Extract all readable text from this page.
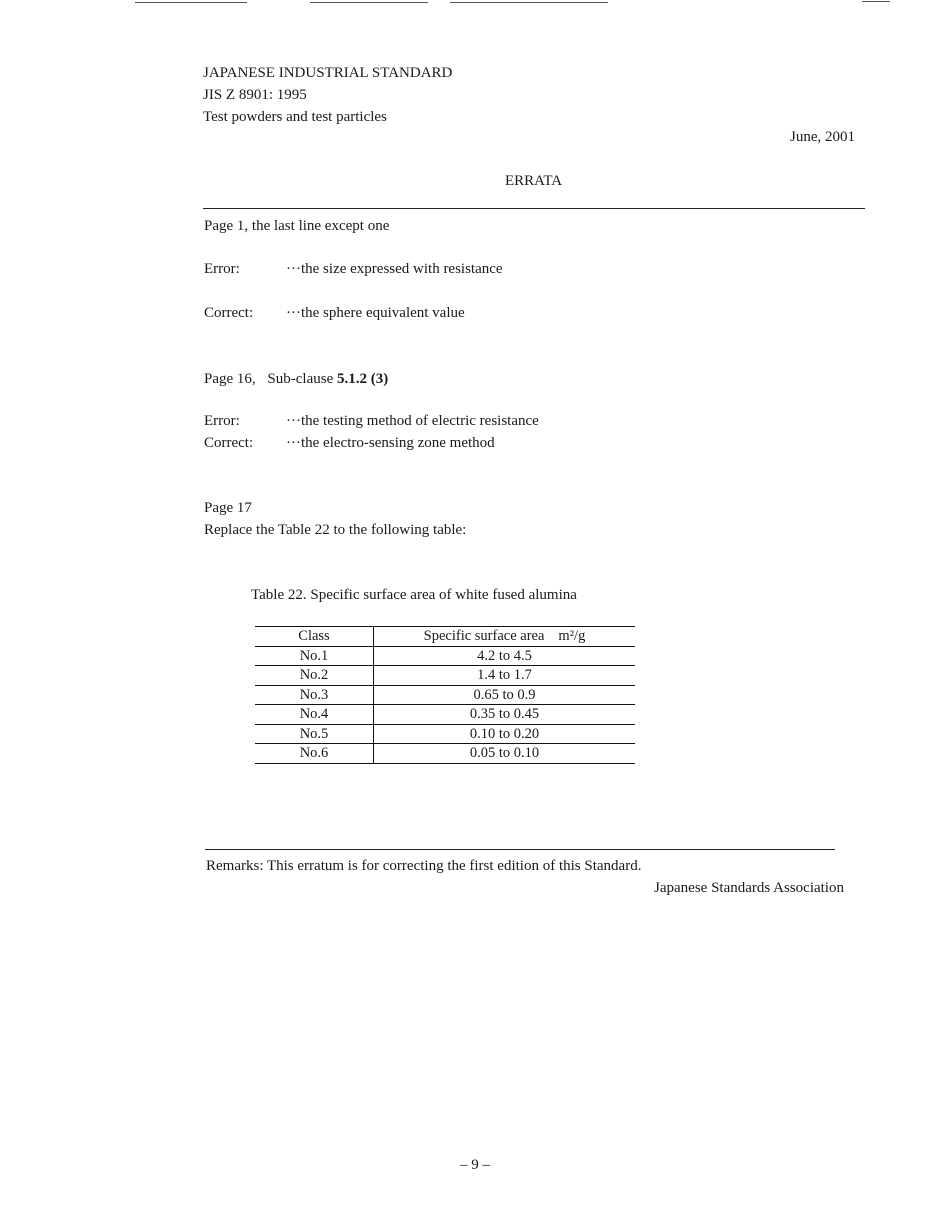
JAPANESE INDUSTRIAL STANDARD
JIS Z 8901: 1995
Test powders and test particles
June, 2001
ERRATA
Page 1, the last line except one
Error:	···the size expressed with resistance
Correct: ···the sphere equivalent value
Page 16, Sub-clause 5.1.2 (3)
Error:	···the testing method of electric resistance
Correct: ···the electro-sensing zone method
Page 17
Replace the Table 22 to the following table:
Table 22. Specific surface area of white fused alumina
Class	Specific surface area m²/g
No.1	4.2 to 4.5
No.2	1.4 to 1.7
No.3	0.65 to 0.9
No.4	0.35 to 0.45
No.5	0.10 to 0.20
No.6	0.05 to 0.10
Remarks: This erratum is for correcting the first edition of this Standard.
Japanese Standards Association
– 9 –
